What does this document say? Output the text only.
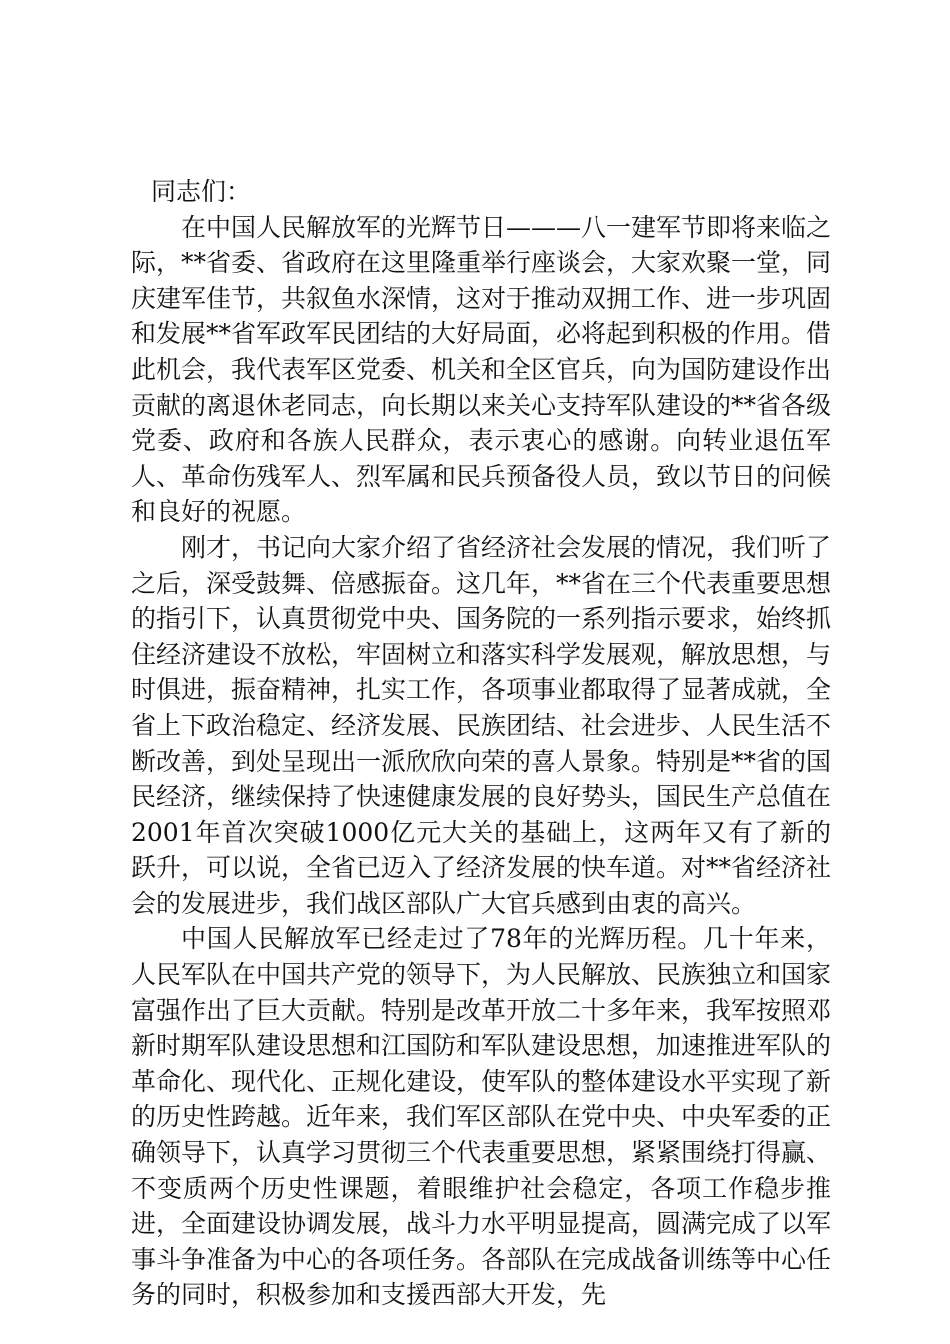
同志们：

在中国人民解放军的光辉节日———八一建军节即将来临之际，**省委、省政府在这里隆重举行座谈会，大家欢聚一堂，同庆建军佳节，共叙鱼水深情，这对于推动双拥工作、进一步巩固和发展**省军政军民团结的大好局面，必将起到积极的作用。借此机会，我代表军区党委、机关和全区官兵，向为国防建设作出贡献的离退休老同志，向长期以来关心支持军队建设的**省各级党委、政府和各族人民群众，表示衷心的感谢。向转业退伍军人、革命伤残军人、烈军属和民兵预备役人员，致以节日的问候和良好的祝愿。

刚才，书记向大家介绍了省经济社会发展的情况，我们听了之后，深受鼓舞、倍感振奋。这几年，**省在三个代表重要思想的指引下，认真贯彻党中央、国务院的一系列指示要求，始终抓住经济建设不放松，牢固树立和落实科学发展观，解放思想，与时俱进，振奋精神，扎实工作，各项事业都取得了显著成就，全省上下政治稳定、经济发展、民族团结、社会进步、人民生活不断改善，到处呈现出一派欣欣向荣的喜人景象。特别是**省的国民经济，继续保持了快速健康发展的良好势头，国民生产总值在2001年首次突破1000亿元大关的基础上，这两年又有了新的跃升，可以说，全省已迈入了经济发展的快车道。对**省经济社会的发展进步，我们战区部队广大官兵感到由衷的高兴。

中国人民解放军已经走过了78年的光辉历程。几十年来，人民军队在中国共产党的领导下，为人民解放、民族独立和国家富强作出了巨大贡献。特别是改革开放二十多年来，我军按照邓新时期军队建设思想和江国防和军队建设思想，加速推进军队的革命化、现代化、正规化建设，使军队的整体建设水平实现了新的历史性跨越。近年来，我们军区部队在党中央、中央军委的正确领导下，认真学习贯彻三个代表重要思想，紧紧围绕打得赢、不变质两个历史性课题，着眼维护社会稳定，各项工作稳步推进，全面建设协调发展，战斗力水平明显提高，圆满完成了以军事斗争准备为中心的各项任务。各部队在完成战备训练等中心任务的同时，积极参加和支援西部大开发，先
